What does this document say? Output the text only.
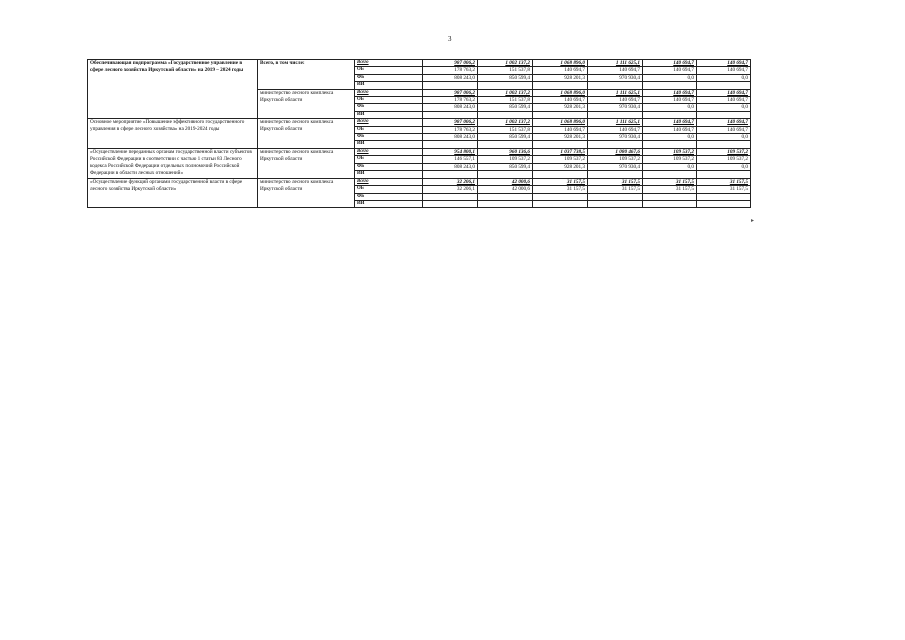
3
Обеспечивающая подпрограмма «Государственное управление в сфере лесного хозяйства Иркутской области» на 2019 – 2024 годы	Всего, в том числе:	Всего	987 006,2	1 002 137,2	1 068 896,0	1 111 625,1	140 694,7	140 694,7
		ОБ	178 763,2	151 537,8	140 694,7	140 694,7	140 694,7	140 694,7
		ФБ	808 243,0	850 599,4	928 201,3	970 930,4	0,0	0,0
		ИИ						
	министерство лесного комплекса Иркутской области	Всего	987 006,2	1 002 137,2	1 068 896,0	1 111 625,1	140 694,7	140 694,7
		ОБ	178 763,2	151 537,8	140 694,7	140 694,7	140 694,7	140 694,7
		ФБ	808 243,0	850 599,4	928 201,3	970 930,4	0,0	0,0
		ИИ						
Основное мероприятие «Повышение эффективного государственного управления в сфере лесного хозяйства» на 2019-2024 годы	министерство лесного комплекса Иркутской области	Всего	987 006,2	1 002 137,2	1 068 896,0	1 111 625,1	140 694,7	140 694,7
		ОБ	178 763,2	151 537,8	140 694,7	140 694,7	140 694,7	140 694,7
		ФБ	808 243,0	850 599,4	928 201,3	970 930,4	0,0	0,0
		ИИ						
«Осуществление переданных органам государственной власти субъектов Российской Федерации в соответствии с частью 1 статьи 83 Лесного кодекса Российской Федерации отдельных полномочий Российской Федерации в области лесных отношений»	министерство лесного комплекса Иркутской области	Всего	954 800,1	960 136,6	1 037 738,5	1 080 467,6	109 537,2	109 537,2
		ОБ	146 557,1	109 537,2	109 537,2	109 537,2	109 537,2	109 537,2
		ФБ	808 243,0	850 599,4	928 201,3	970 930,4	0,0	0,0
		ИИ						
«Осуществление функций органами государственной власти в сфере лесного хозяйства Иркутской области»	министерство лесного комплекса Иркутской области	Всего	32 206,1	42 000,6	31 157,5	31 157,5	31 157,5	31 157,5
		ОБ	32 206,1	42 000,6	31 157,5	31 157,5	31 157,5	31 157,5
		ФБ						
		ИИ						
▸
